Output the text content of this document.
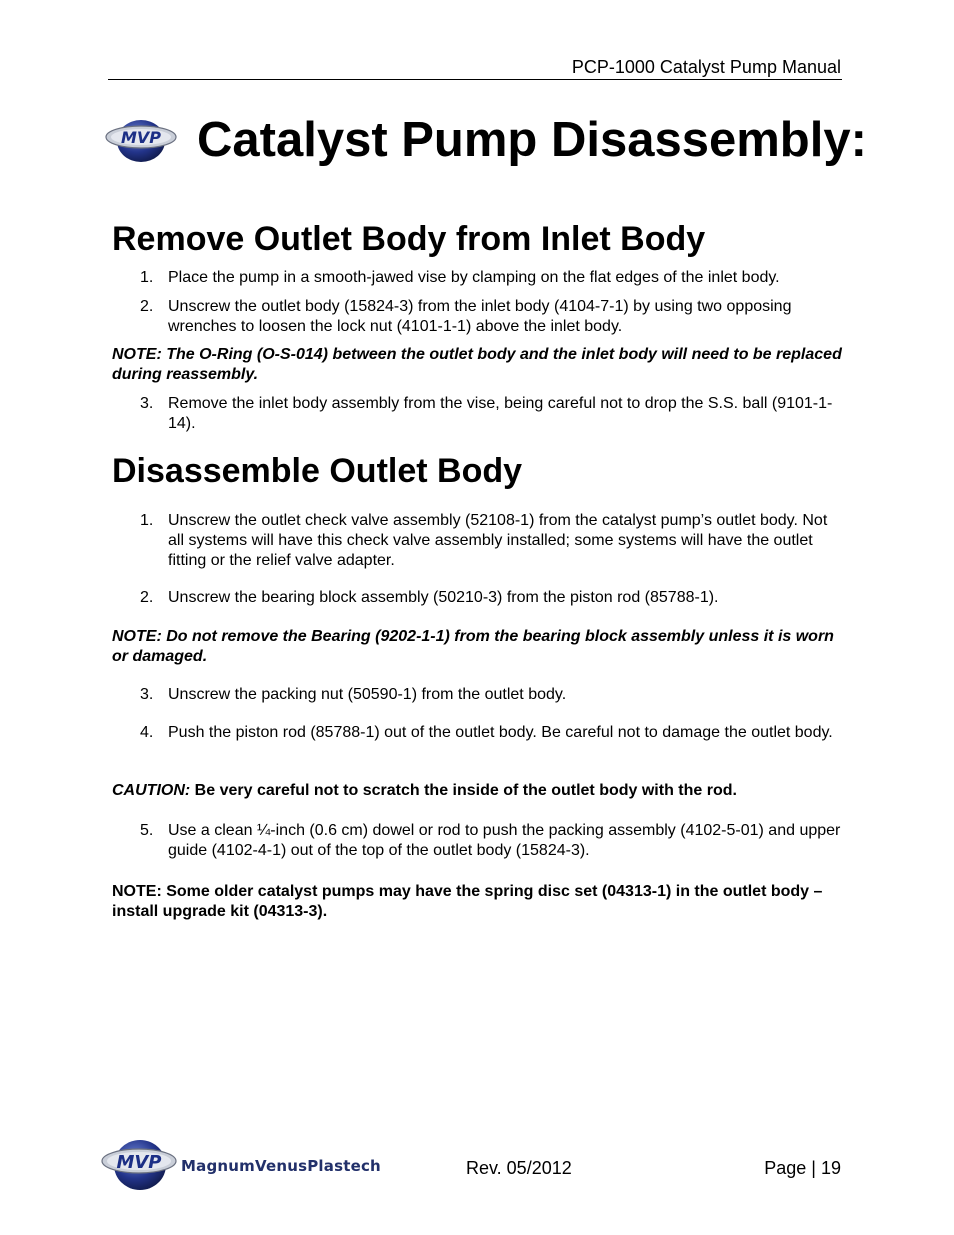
PCP-1000 Catalyst Pump Manual
MVP Catalyst Pump Disassembly:
Remove Outlet Body from Inlet Body
1. Place the pump in a smooth-jawed vise by clamping on the flat edges of the inlet body.
2. Unscrew the outlet body (15824-3) from the inlet body (4104-7-1) by using two opposing wrenches to loosen the lock nut (4101-1-1) above the inlet body.
NOTE: The O-Ring (O-S-014) between the outlet body and the inlet body will need to be replaced during reassembly.
3. Remove the inlet body assembly from the vise, being careful not to drop the S.S. ball (9101-1-14).
Disassemble Outlet Body
1. Unscrew the outlet check valve assembly (52108-1) from the catalyst pump’s outlet body. Not all systems will have this check valve assembly installed; some systems will have the outlet fitting or the relief valve adapter.
2. Unscrew the bearing block assembly (50210-3) from the piston rod (85788-1).
NOTE: Do not remove the Bearing (9202-1-1) from the bearing block assembly unless it is worn or damaged.
3. Unscrew the packing nut (50590-1) from the outlet body.
4. Push the piston rod (85788-1) out of the outlet body. Be careful not to damage the outlet body.
CAUTION: Be very careful not to scratch the inside of the outlet body with the rod.
5. Use a clean ¼-inch (0.6 cm) dowel or rod to push the packing assembly (4102-5-01) and upper guide (4102-4-1) out of the top of the outlet body (15824-3).
NOTE: Some older catalyst pumps may have the spring disc set (04313-1) in the outlet body – install upgrade kit (04313-3).
MVP MagnumVenusPlastech	Rev. 05/2012	Page | 19
